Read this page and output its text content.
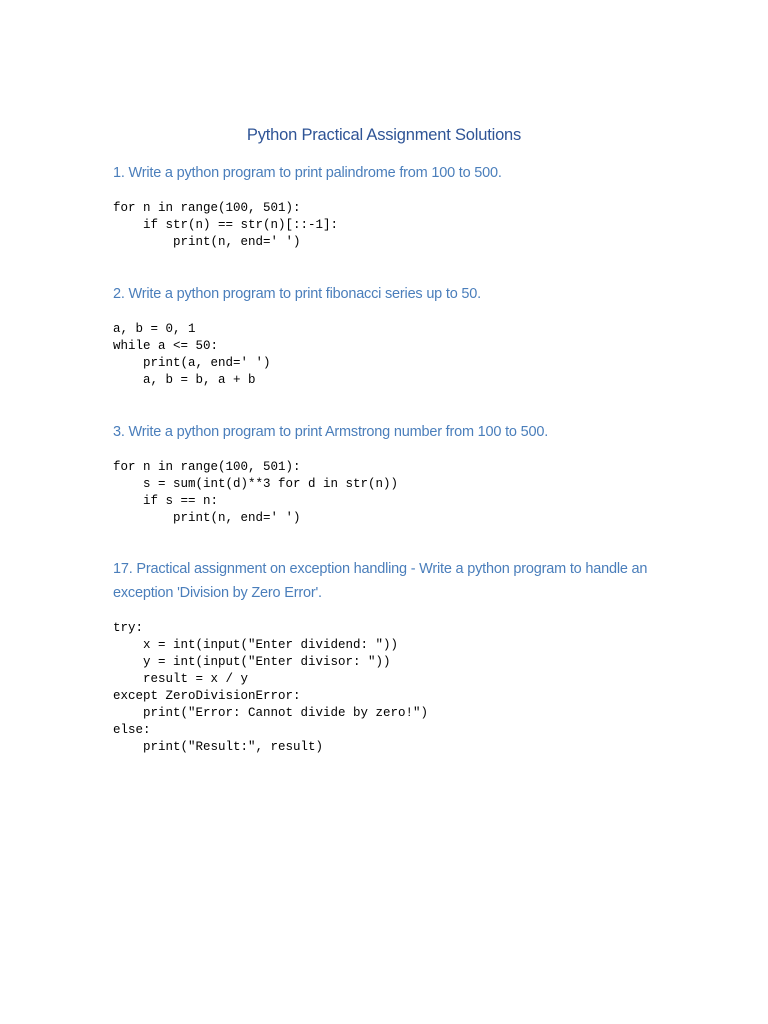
Python Practical Assignment Solutions
1. Write a python program to print palindrome from 100 to 500.
for n in range(100, 501):
if str(n) == str(n)[::-1]:
print(n, end=' ')
2. Write a python program to print fibonacci series up to 50.
a, b = 0, 1
while a <= 50:
print(a, end=' ')
a, b = b, a + b
3. Write a python program to print Armstrong number from 100 to 500.
for n in range(100, 501):
s = sum(int(d)**3 for d in str(n))
if s == n:
print(n, end=' ')
17. Practical assignment on exception handling - Write a python program to handle an exception 'Division by Zero Error'.
try:
x = int(input("Enter dividend: "))
y = int(input("Enter divisor: "))
result = x / y
except ZeroDivisionError:
print("Error: Cannot divide by zero!")
else:
print("Result:", result)
